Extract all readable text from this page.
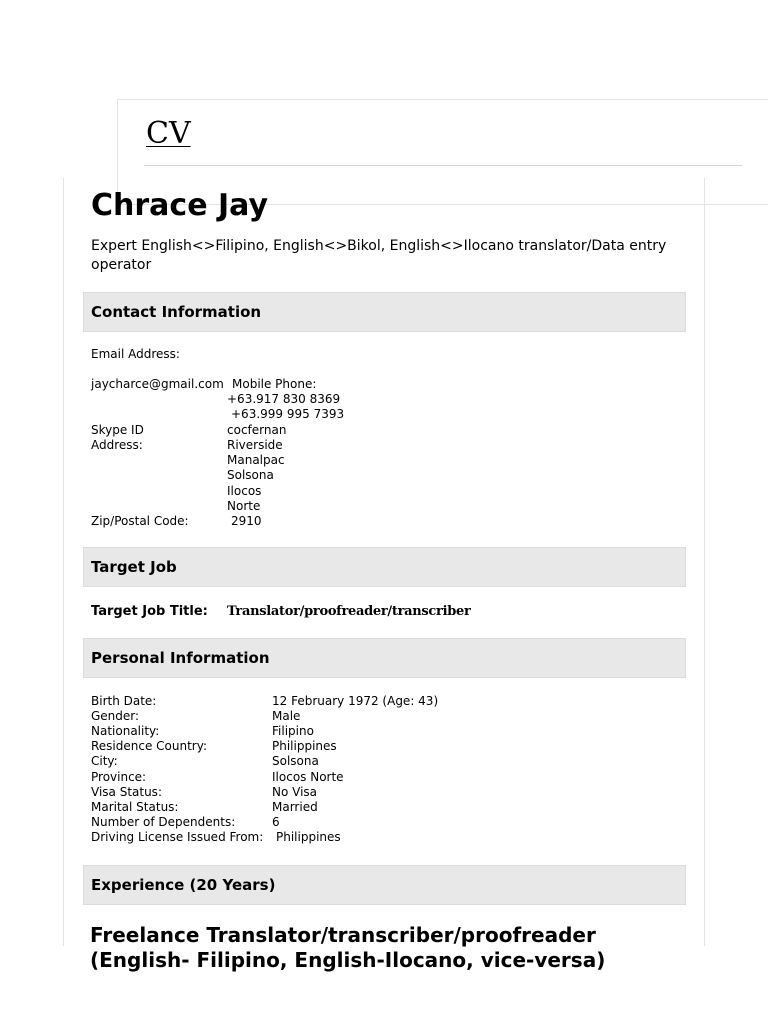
CV
Chrace Jay
Expert English<>Filipino, English<>Bikol, English<>Ilocano translator/Data entry operator
Contact Information
Email Address:
jaycharce@gmail.com Mobile Phone:
+63.917 830 8369
+63.999 995 7393
Skype ID	cocfernan
Address:	Riverside
Manalpac
Solsona
Ilocos
Norte
Zip/Postal Code:	2910
Target Job
Target Job Title: Translator/proofreader/transcriber
Personal Information
Birth Date:	12 February 1972 (Age: 43)
Gender:	Male
Nationality:	Filipino
Residence Country:	Philippines
City:	Solsona
Province:	Ilocos Norte
Visa Status:	No Visa
Marital Status:	Married
Number of Dependents:	6
Driving License Issued From: Philippines
Experience (20 Years)
Freelance Translator/transcriber/proofreader (English- Filipino, English-Ilocano, vice-versa)
